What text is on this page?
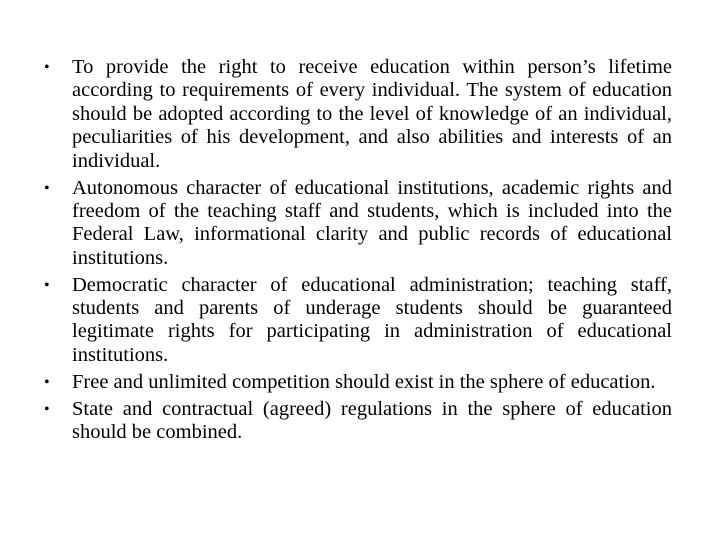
•	To provide the right to receive education within person’s lifetime according to requirements of every individual. The system of education should be adopted according to the level of knowledge of an individual, peculiarities of his development, and also abilities and interests of an individual.
•	Autonomous character of educational institutions, academic rights and freedom of the teaching staff and students, which is included into the Federal Law, informational clarity and public records of educational institutions.
•	Democratic character of educational administration; teaching staff, students and parents of underage students should be guaranteed legitimate rights for participating in administration of educational institutions.
•	Free and unlimited competition should exist in the sphere of education.
•	State and contractual (agreed) regulations in the sphere of education should be combined.
